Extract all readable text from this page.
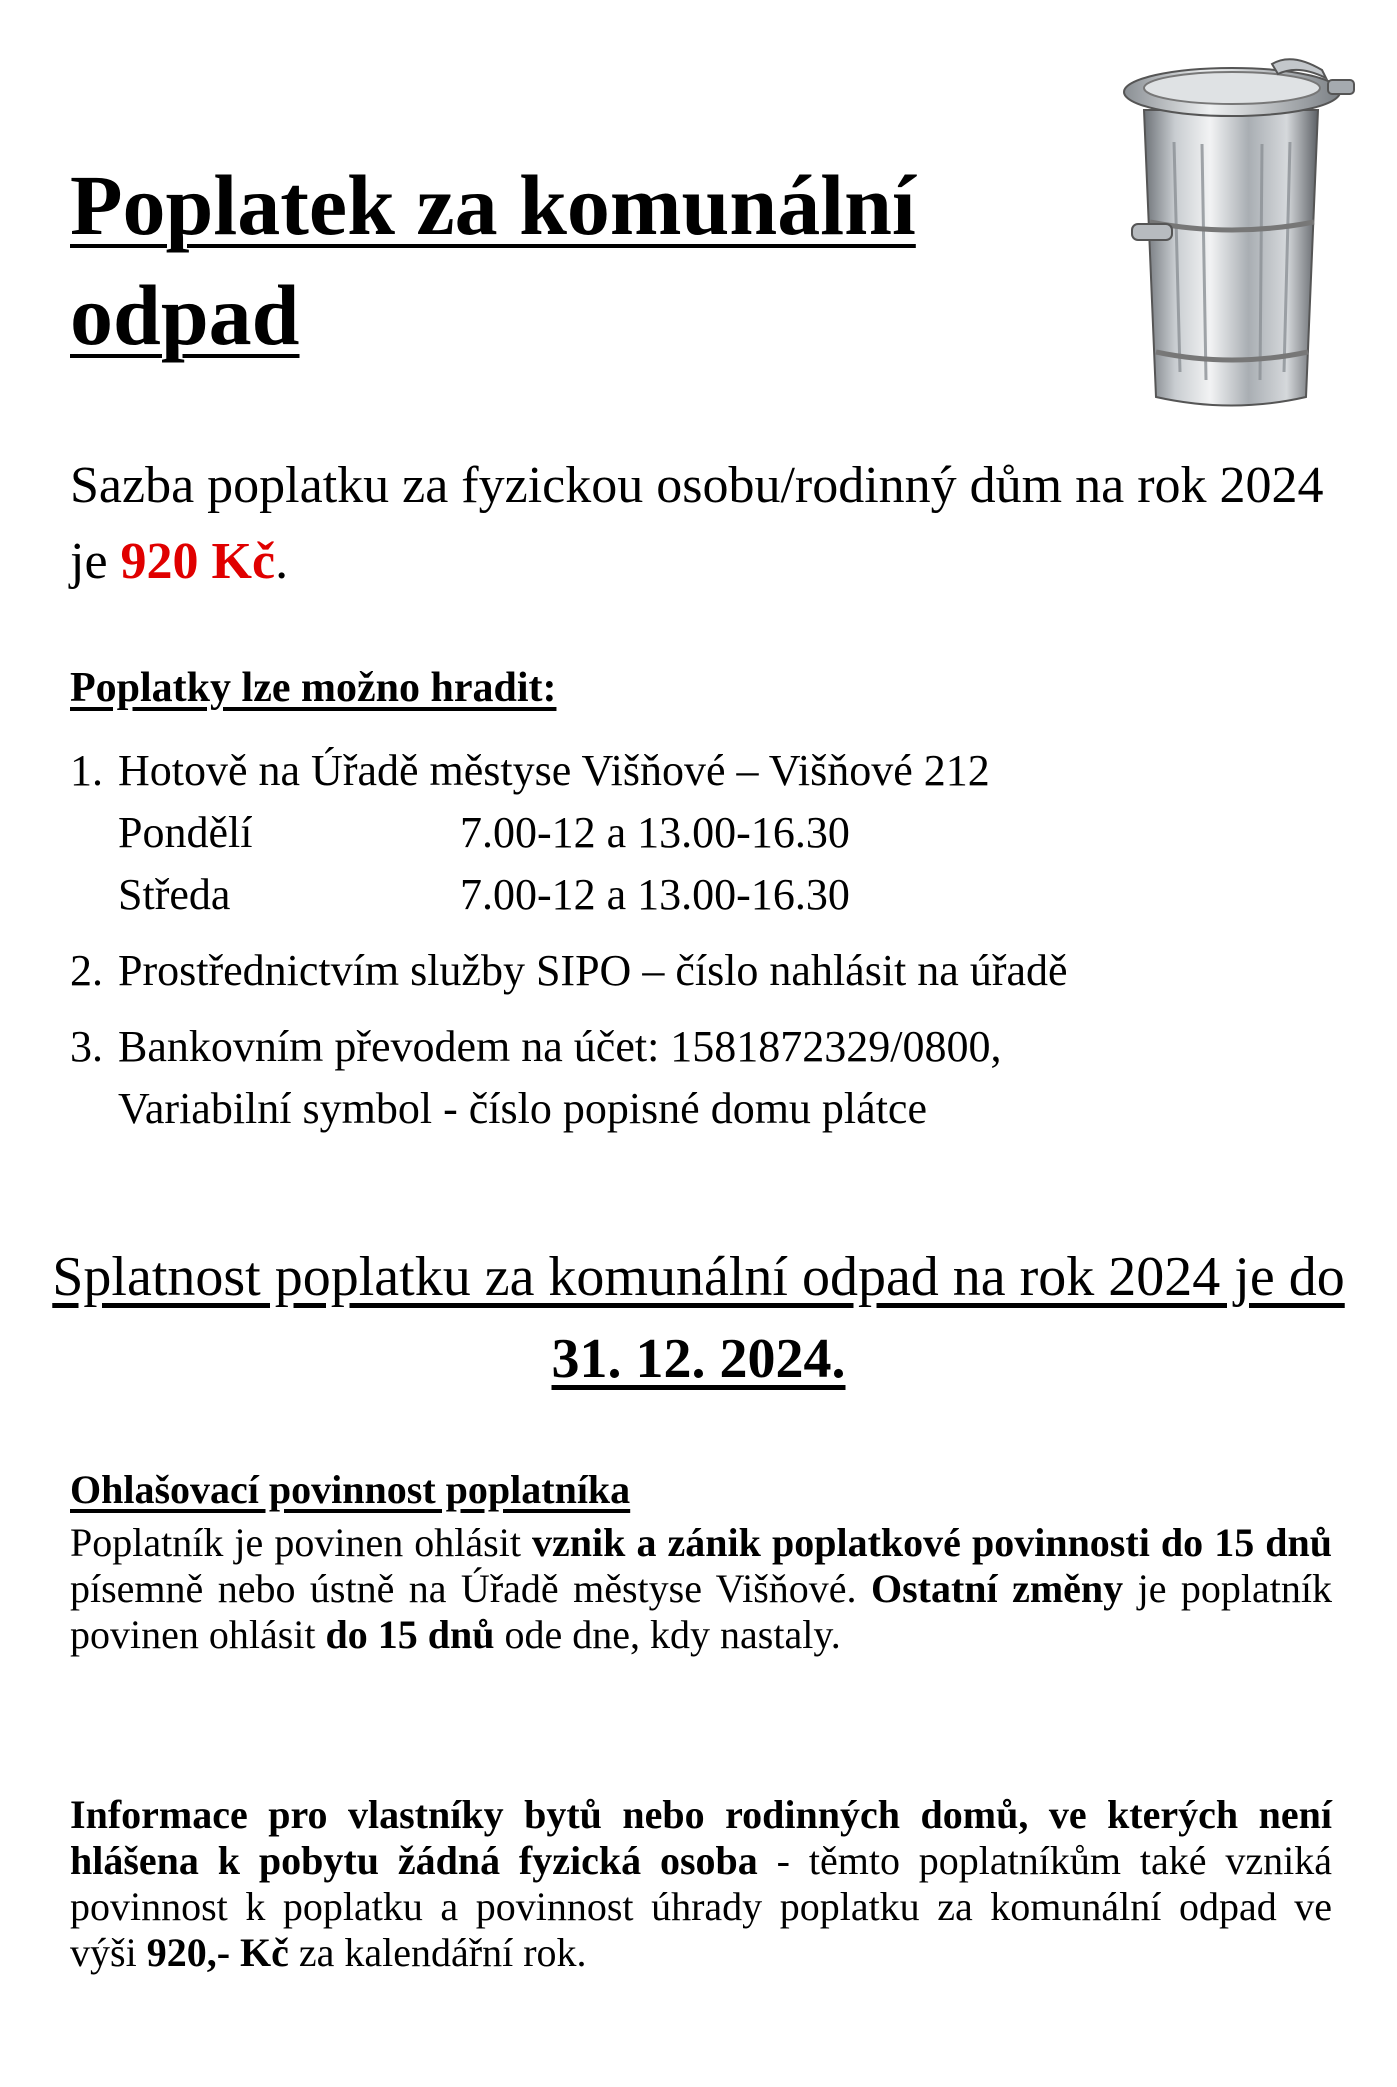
Poplatek za komunální odpad
Sazba poplatku za fyzickou osobu/rodinný dům na rok 2024 je 920 Kč.
Poplatky lze možno hradit:
1. Hotově na Úřadě městyse Višňové – Višňové 212
Pondělí	7.00-12 a 13.00-16.30
Středa	7.00-12 a 13.00-16.30
2. Prostřednictvím služby SIPO – číslo nahlásit na úřadě
3. Bankovním převodem na účet: 1581872329/0800,
Variabilní symbol - číslo popisné domu plátce
Splatnost poplatku za komunální odpad na rok 2024 je do 31. 12. 2024.
Ohlašovací povinnost poplatníka
Poplatník je povinen ohlásit vznik a zánik poplatkové povinnosti do 15 dnů písemně nebo ústně na Úřadě městyse Višňové. Ostatní změny je poplatník povinen ohlásit do 15 dnů ode dne, kdy nastaly.
Informace pro vlastníky bytů nebo rodinných domů, ve kterých není hlášena k pobytu žádná fyzická osoba - těmto poplatníkům také vzniká povinnost k poplatku a povinnost úhrady poplatku za komunální odpad ve výši 920,- Kč za kalendářní rok.
